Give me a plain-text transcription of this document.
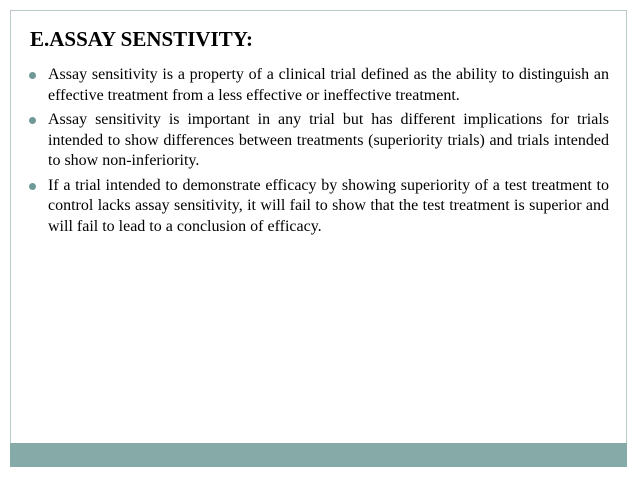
E.ASSAY SENSTIVITY:
Assay sensitivity is a property of a clinical trial defined as the ability to distinguish an effective treatment from a less effective or ineffective treatment.
Assay sensitivity is important in any trial but has different implications for trials intended to show differences between treatments (superiority trials) and trials intended to show non-inferiority.
If a trial intended to demonstrate efficacy by showing superiority of a test treatment to control lacks assay sensitivity, it will fail to show that the test treatment is superior and will fail to lead to a conclusion of efficacy.
